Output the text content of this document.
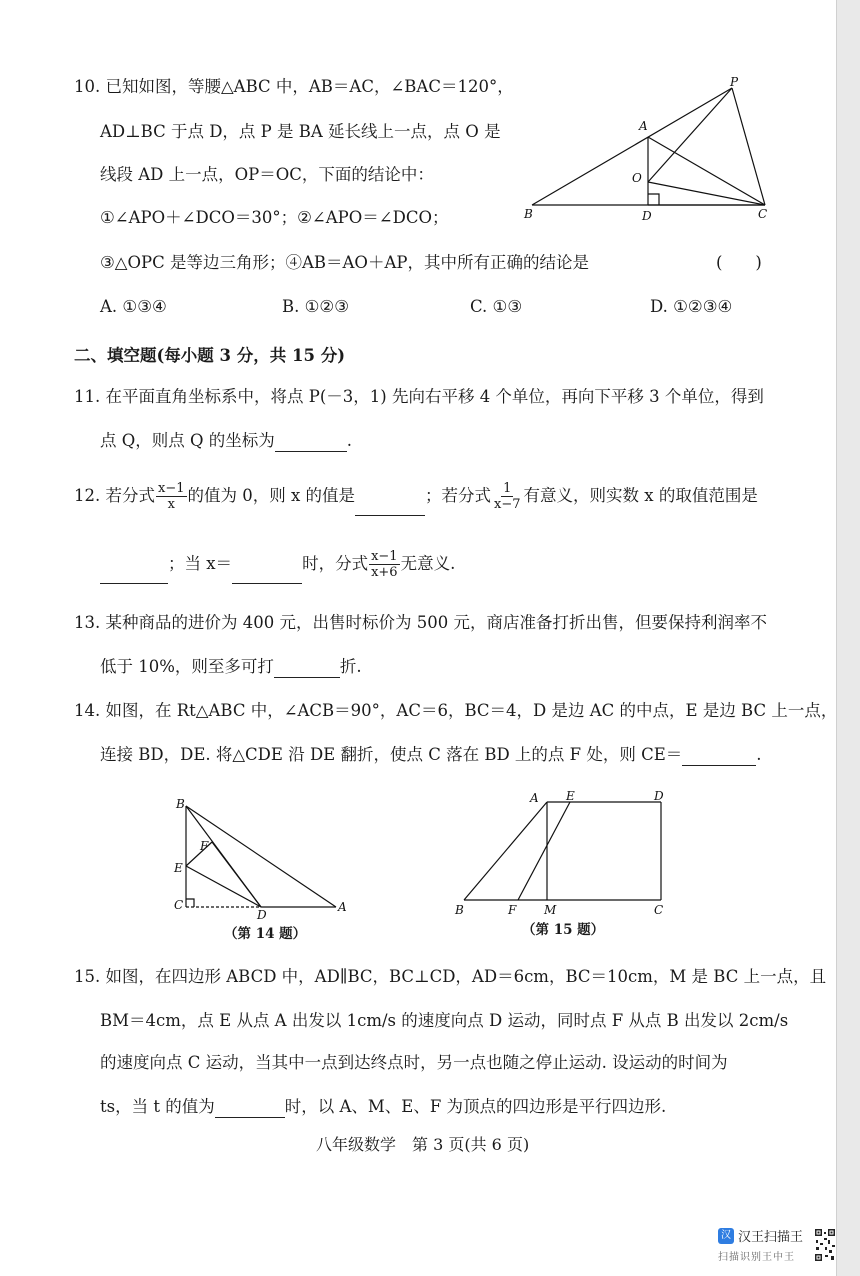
10. 已知如图，等腰△ABC 中，AB＝AC，∠BAC＝120°，
AD⊥BC 于点 D，点 P 是 BA 延长线上一点，点 O 是
线段 AD 上一点，OP＝OC，下面的结论中：
①∠APO＋∠DCO＝30°；②∠APO＝∠DCO；
③△OPC 是等边三角形；④AB＝AO＋AP，其中所有正确的结论是	(　　)
A. ①③④	B. ①②③	C. ①③	D. ①②③④
P
A
O
B	D	C
二、填空题(每小题 3 分，共 15 分)
11. 在平面直角坐标系中，将点 P(－3，1) 先向右平移 4 个单位，再向下平移 3 个单位，得到
点 Q，则点 Q 的坐标为	.
12. 若分式 $\frac{x-1}{x}$ 的值为 0，则 x 的值是	；若分式 $\frac{1}{x-7}$ 有意义，则实数 x 的取值范围是
；当 x＝	时，分式 $\frac{x-1}{x+6}$ 无意义.
13. 某种商品的进价为 400 元，出售时标价为 500 元，商店准备打折出售，但要保持利润率不
低于 10%，则至多可打	折.
14. 如图，在 Rt△ABC 中，∠ACB＝90°，AC＝6，BC＝4，D 是边 AC 的中点，E 是边 BC 上一点，
连接 BD，DE. 将△CDE 沿 DE 翻折，使点 C 落在 BD 上的点 F 处，则 CE＝	.
B
F
E
C
D
A
（第 14 题）
A E	D
B	F M	C
（第 15 题）
15. 如图，在四边形 ABCD 中，AD∥BC，BC⊥CD，AD＝6cm，BC＝10cm，M 是 BC 上一点，且
BM＝4cm，点 E 从点 A 出发以 1cm/s 的速度向点 D 运动，同时点 F 从点 B 出发以 2cm/s
的速度向点 C 运动，当其中一点到达终点时，另一点也随之停止运动. 设运动的时间为
ts，当 t 的值为	时，以 A、M、E、F 为顶点的四边形是平行四边形.
八年级数学　第 3 页(共 6 页)
汉 汉王扫描王
扫描识别王中王
